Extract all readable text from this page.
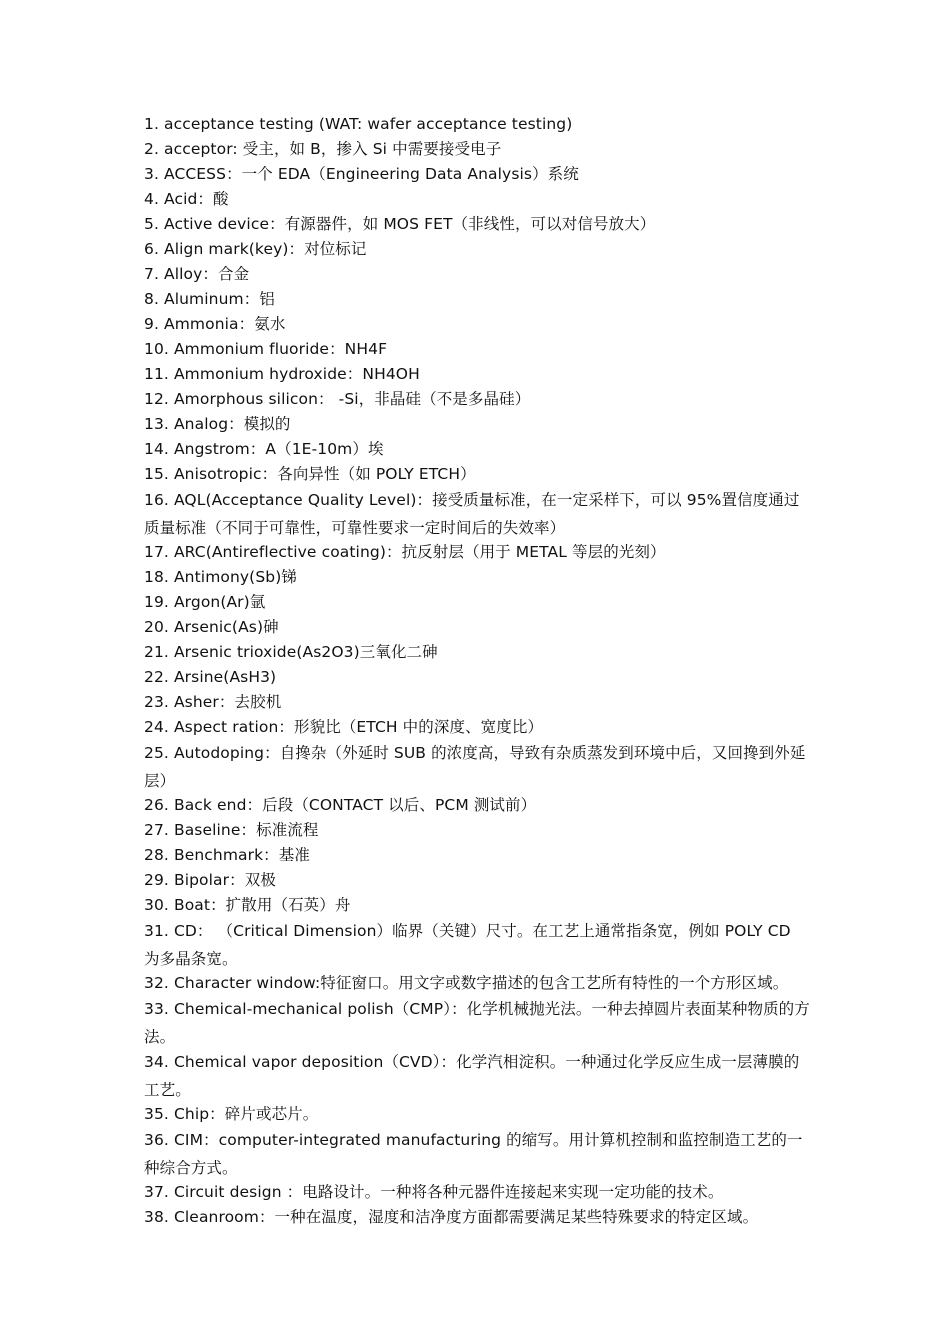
1. acceptance testing (WAT: wafer acceptance testing)
2. acceptor: 受主，如 B，掺入 Si 中需要接受电子
3. ACCESS：一个 EDA（Engineering Data Analysis）系统
4. Acid：酸
5. Active device：有源器件，如 MOS FET（非线性，可以对信号放大）
6. Align mark(key)：对位标记
7. Alloy：合金
8. Aluminum：铝
9. Ammonia：氨水
10. Ammonium fluoride：NH4F
11. Ammonium hydroxide：NH4OH
12. Amorphous silicon： -Si，非晶硅（不是多晶硅）
13. Analog：模拟的
14. Angstrom：A（1E-10m）埃
15. Anisotropic：各向异性（如 POLY ETCH）
16. AQL(Acceptance Quality Level)：接受质量标准，在一定采样下，可以 95%置信度通过质量标准（不同于可靠性，可靠性要求一定时间后的失效率）
17. ARC(Antireflective coating)：抗反射层（用于 METAL 等层的光刻）
18. Antimony(Sb)锑
19. Argon(Ar)氩
20. Arsenic(As)砷
21. Arsenic trioxide(As2O3)三氧化二砷
22. Arsine(AsH3)
23. Asher：去胶机
24. Aspect ration：形貌比（ETCH 中的深度、宽度比）
25. Autodoping：自搀杂（外延时 SUB 的浓度高，导致有杂质蒸发到环境中后，又回搀到外延层）
26. Back end：后段（CONTACT 以后、PCM 测试前）
27. Baseline：标准流程
28. Benchmark：基准
29. Bipolar：双极
30. Boat：扩散用（石英）舟
31. CD： （Critical Dimension）临界（关键）尺寸。在工艺上通常指条宽，例如 POLY CD 为多晶条宽。
32. Character window:特征窗口。用文字或数字描述的包含工艺所有特性的一个方形区域。
33. Chemical-mechanical polish（CMP）：化学机械抛光法。一种去掉圆片表面某种物质的方法。
34. Chemical vapor deposition（CVD）：化学汽相淀积。一种通过化学反应生成一层薄膜的工艺。
35. Chip：碎片或芯片。
36. CIM：computer-integrated manufacturing 的缩写。用计算机控制和监控制造工艺的一种综合方式。
37. Circuit design ：电路设计。一种将各种元器件连接起来实现一定功能的技术。
38. Cleanroom：一种在温度，湿度和洁净度方面都需要满足某些特殊要求的特定区域。
